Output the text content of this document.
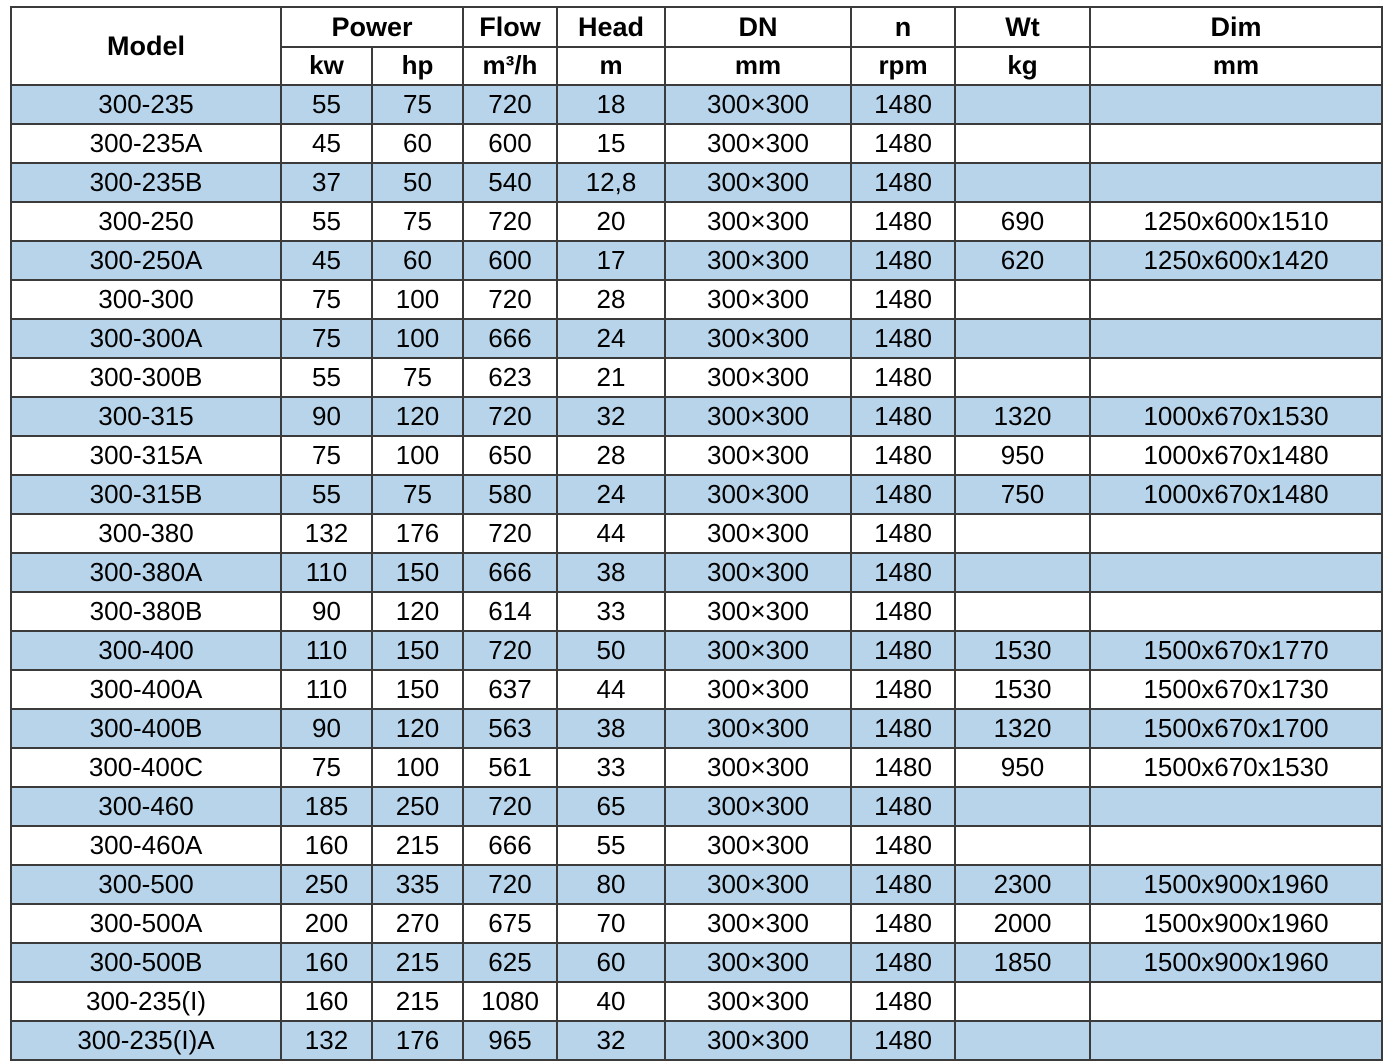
Model	Power		Flow	Head	DN	n	Wt	Dim
	kw	hp	m³/h	m	mm	rpm	kg	mm
300-235	55	75	720	18	300×300	1480		
300-235A	45	60	600	15	300×300	1480		
300-235B	37	50	540	12,8	300×300	1480		
300-250	55	75	720	20	300×300	1480	690	1250x600x1510
300-250A	45	60	600	17	300×300	1480	620	1250x600x1420
300-300	75	100	720	28	300×300	1480		
300-300A	75	100	666	24	300×300	1480		
300-300B	55	75	623	21	300×300	1480		
300-315	90	120	720	32	300×300	1480	1320	1000x670x1530
300-315A	75	100	650	28	300×300	1480	950	1000x670x1480
300-315B	55	75	580	24	300×300	1480	750	1000x670x1480
300-380	132	176	720	44	300×300	1480		
300-380A	110	150	666	38	300×300	1480		
300-380B	90	120	614	33	300×300	1480		
300-400	110	150	720	50	300×300	1480	1530	1500x670x1770
300-400A	110	150	637	44	300×300	1480	1530	1500x670x1730
300-400B	90	120	563	38	300×300	1480	1320	1500x670x1700
300-400C	75	100	561	33	300×300	1480	950	1500x670x1530
300-460	185	250	720	65	300×300	1480		
300-460A	160	215	666	55	300×300	1480		
300-500	250	335	720	80	300×300	1480	2300	1500x900x1960
300-500A	200	270	675	70	300×300	1480	2000	1500x900x1960
300-500B	160	215	625	60	300×300	1480	1850	1500x900x1960
300-235(I)	160	215	1080	40	300×300	1480		
300-235(I)A	132	176	965	32	300×300	1480		
